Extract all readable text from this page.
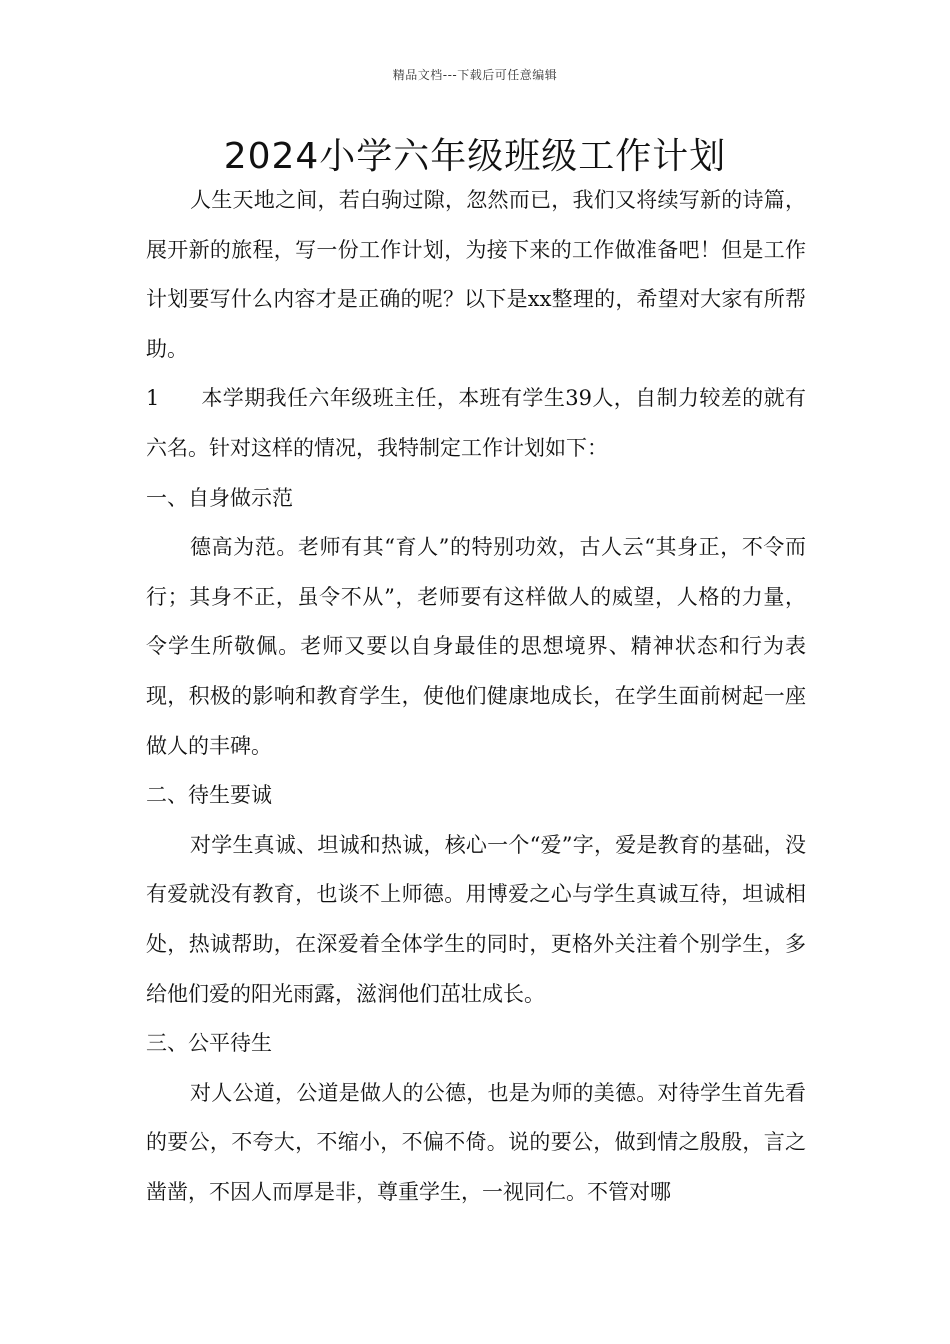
精品文档---下载后可任意编辑
2024小学六年级班级工作计划

人生天地之间，若白驹过隙，忽然而已，我们又将续写新的诗篇，展开新的旅程，写一份工作计划，为接下来的工作做准备吧！但是工作计划要写什么内容才是正确的呢？以下是xx整理的，希望对大家有所帮助。

1 本学期我任六年级班主任，本班有学生39人，自制力较差的就有六名。针对这样的情况，我特制定工作计划如下：

一、自身做示范

德高为范。老师有其“育人”的特别功效，古人云“其身正，不令而行；其身不正，虽令不从”，老师要有这样做人的威望，人格的力量，令学生所敬佩。老师又要以自身最佳的思想境界、精神状态和行为表现，积极的影响和教育学生，使他们健康地成长，在学生面前树起一座做人的丰碑。

二、待生要诚

对学生真诚、坦诚和热诚，核心一个“爱”字，爱是教育的基础，没有爱就没有教育，也谈不上师德。用博爱之心与学生真诚互待，坦诚相处，热诚帮助，在深爱着全体学生的同时，更格外关注着个别学生，多给他们爱的阳光雨露，滋润他们茁壮成长。

三、公平待生

对人公道，公道是做人的公德，也是为师的美德。对待学生首先看的要公，不夸大，不缩小，不偏不倚。说的要公，做到情之殷殷，言之凿凿，不因人而厚是非，尊重学生，一视同仁。不管对哪
